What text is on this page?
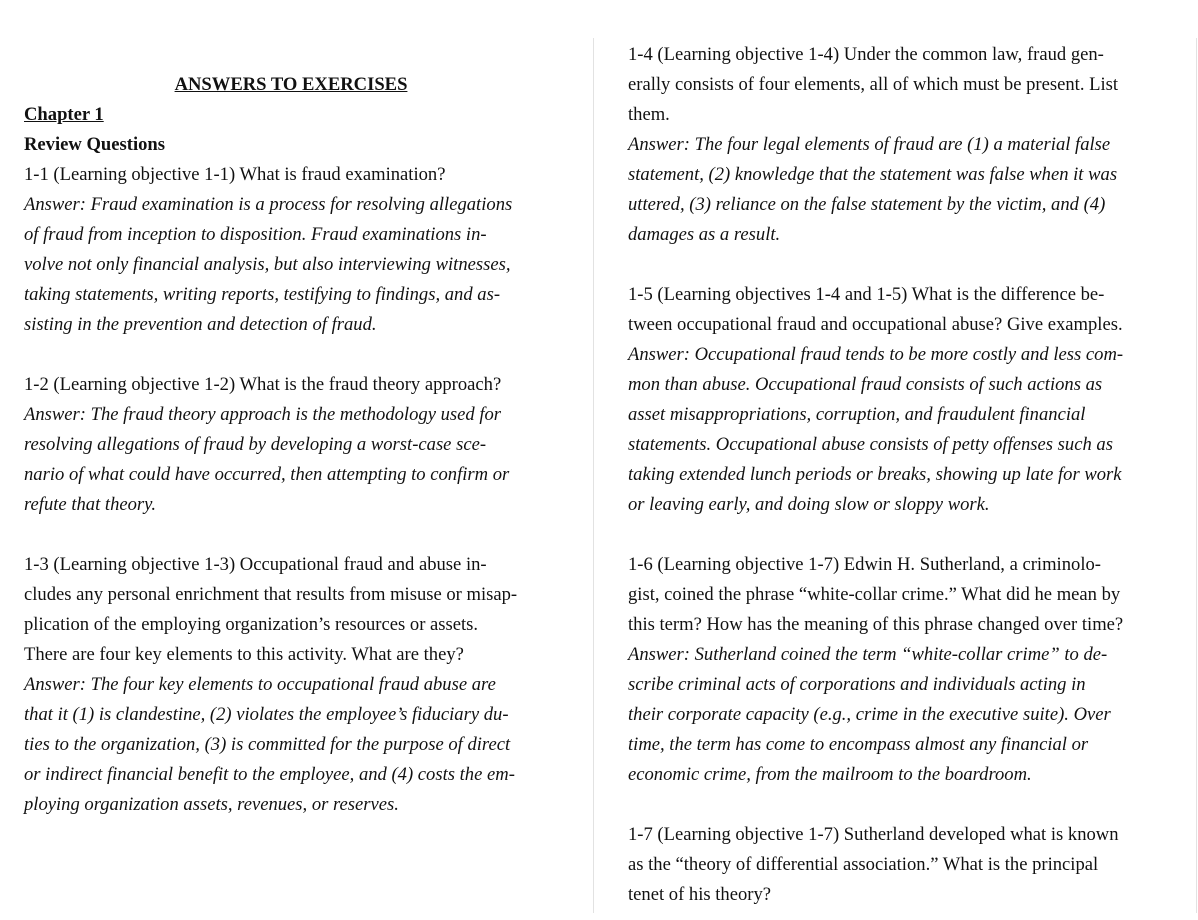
ANSWERS TO EXERCISES
Chapter 1
Review Questions
1-1 (Learning objective 1-1) What is fraud examination?
Answer: Fraud examination is a process for resolving allegations
of fraud from inception to disposition. Fraud examinations in-
volve not only financial analysis, but also interviewing witnesses,
taking statements, writing reports, testifying to findings, and as-
sisting in the prevention and detection of fraud.
1-2 (Learning objective 1-2) What is the fraud theory approach?
Answer: The fraud theory approach is the methodology used for
resolving allegations of fraud by developing a worst-case sce-
nario of what could have occurred, then attempting to confirm or
refute that theory.
1-3 (Learning objective 1-3) Occupational fraud and abuse in-
cludes any personal enrichment that results from misuse or misap-
plication of the employing organization’s resources or assets.
There are four key elements to this activity. What are they?
Answer: The four key elements to occupational fraud abuse are
that it (1) is clandestine, (2) violates the employee’s fiduciary du-
ties to the organization, (3) is committed for the purpose of direct
or indirect financial benefit to the employee, and (4) costs the em-
ploying organization assets, revenues, or reserves.
1-4 (Learning objective 1-4) Under the common law, fraud gen-
erally consists of four elements, all of which must be present. List
them.
Answer: The four legal elements of fraud are (1) a material false
statement, (2) knowledge that the statement was false when it was
uttered, (3) reliance on the false statement by the victim, and (4)
damages as a result.
1-5 (Learning objectives 1-4 and 1-5) What is the difference be-
tween occupational fraud and occupational abuse? Give examples.
Answer: Occupational fraud tends to be more costly and less com-
mon than abuse. Occupational fraud consists of such actions as
asset misappropriations, corruption, and fraudulent financial
statements. Occupational abuse consists of petty offenses such as
taking extended lunch periods or breaks, showing up late for work
or leaving early, and doing slow or sloppy work.
1-6 (Learning objective 1-7) Edwin H. Sutherland, a criminolo-
gist, coined the phrase “white-collar crime.” What did he mean by
this term? How has the meaning of this phrase changed over time?
Answer: Sutherland coined the term “white-collar crime” to de-
scribe criminal acts of corporations and individuals acting in
their corporate capacity (e.g., crime in the executive suite). Over
time, the term has come to encompass almost any financial or
economic crime, from the mailroom to the boardroom.
1-7 (Learning objective 1-7) Sutherland developed what is known
as the “theory of differential association.” What is the principal
tenet of his theory?
